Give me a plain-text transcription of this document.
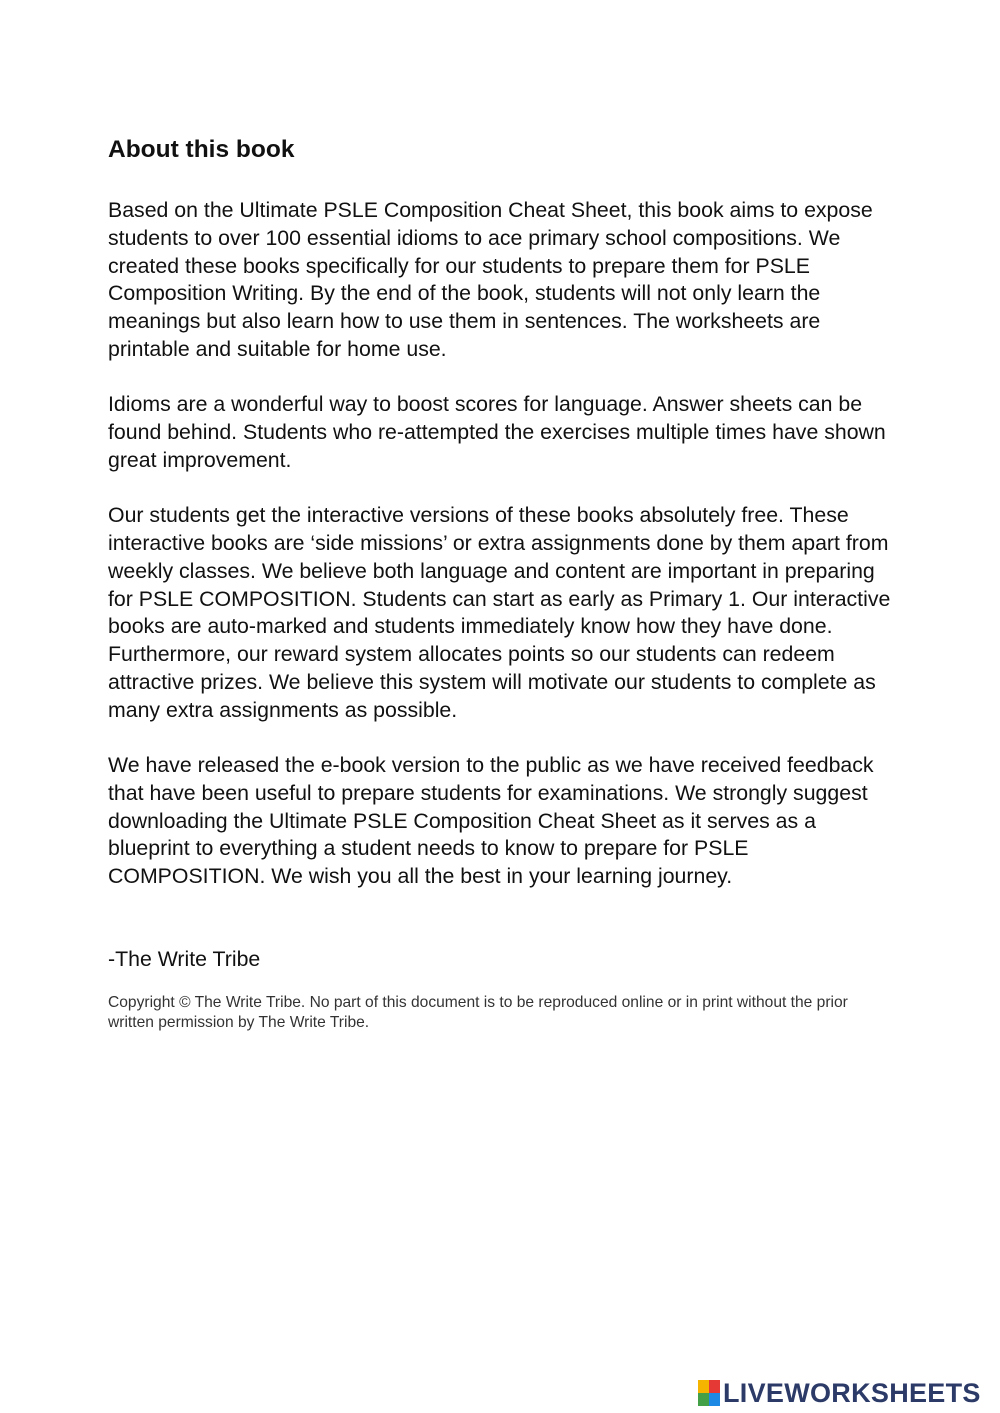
About this book

Based on the Ultimate PSLE Composition Cheat Sheet, this book aims to expose students to over 100 essential idioms to ace primary school compositions. We created these books specifically for our students to prepare them for PSLE Composition Writing. By the end of the book, students will not only learn the meanings but also learn how to use them in sentences. The worksheets are printable and suitable for home use.

Idioms are a wonderful way to boost scores for language. Answer sheets can be found behind. Students who re-attempted the exercises multiple times have shown great improvement.

Our students get the interactive versions of these books absolutely free. These interactive books are ‘side missions’ or extra assignments done by them apart from weekly classes. We believe both language and content are important in preparing for PSLE COMPOSITION. Students can start as early as Primary 1. Our interactive books are auto-marked and students immediately know how they have done. Furthermore, our reward system allocates points so our students can redeem attractive prizes. We believe this system will motivate our students to complete as many extra assignments as possible.

We have released the e-book version to the public as we have received feedback that have been useful to prepare students for examinations. We strongly suggest downloading the Ultimate PSLE Composition Cheat Sheet as it serves as a blueprint to everything a student needs to know to prepare for PSLE COMPOSITION. We wish you all the best in your learning journey.

-The Write Tribe

Copyright © The Write Tribe. No part of this document is to be reproduced online or in print without the prior written permission by The Write Tribe.

LIVEWORKSHEETS
